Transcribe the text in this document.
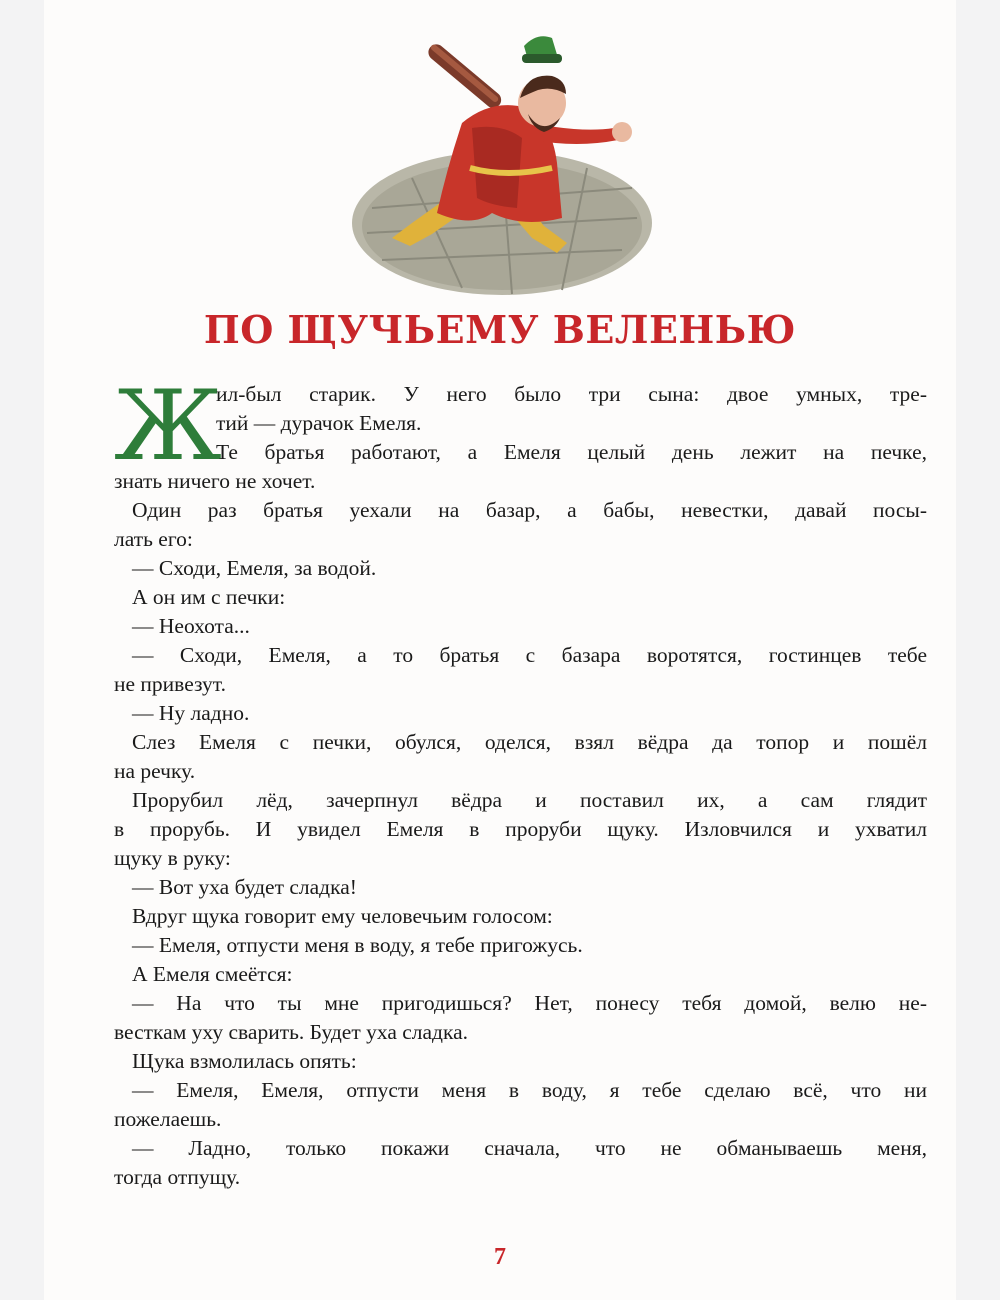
ПО ЩУЧЬЕМУ ВЕЛЕНЬЮ
Ж
ил-был старик. У него было три сына: двое умных, тре-
тий — дурачок Емеля.
Те братья работают, а Емеля целый день лежит на печке,
знать ничего не хочет.
Один раз братья уехали на базар, а бабы, невестки, давай посы-
лать его:
— Сходи, Емеля, за водой.
А он им с печки:
— Неохота...
— Сходи, Емеля, а то братья с базара воротятся, гостинцев тебе
не привезут.
— Ну ладно.
Слез Емеля с печки, обулся, оделся, взял вёдра да топор и пошёл
на речку.
Прорубил лёд, зачерпнул вёдра и поставил их, а сам глядит
в прорубь. И увидел Емеля в проруби щуку. Изловчился и ухватил
щуку в руку:
— Вот уха будет сладка!
Вдруг щука говорит ему человечьим голосом:
— Емеля, отпусти меня в воду, я тебе пригожусь.
А Емеля смеётся:
— На что ты мне пригодишься? Нет, понесу тебя домой, велю не-
весткам уху сварить. Будет уха сладка.
Щука взмолилась опять:
— Емеля, Емеля, отпусти меня в воду, я тебе сделаю всё, что ни
пожелаешь.
— Ладно, только покажи сначала, что не обманываешь меня,
тогда отпущу.
7
